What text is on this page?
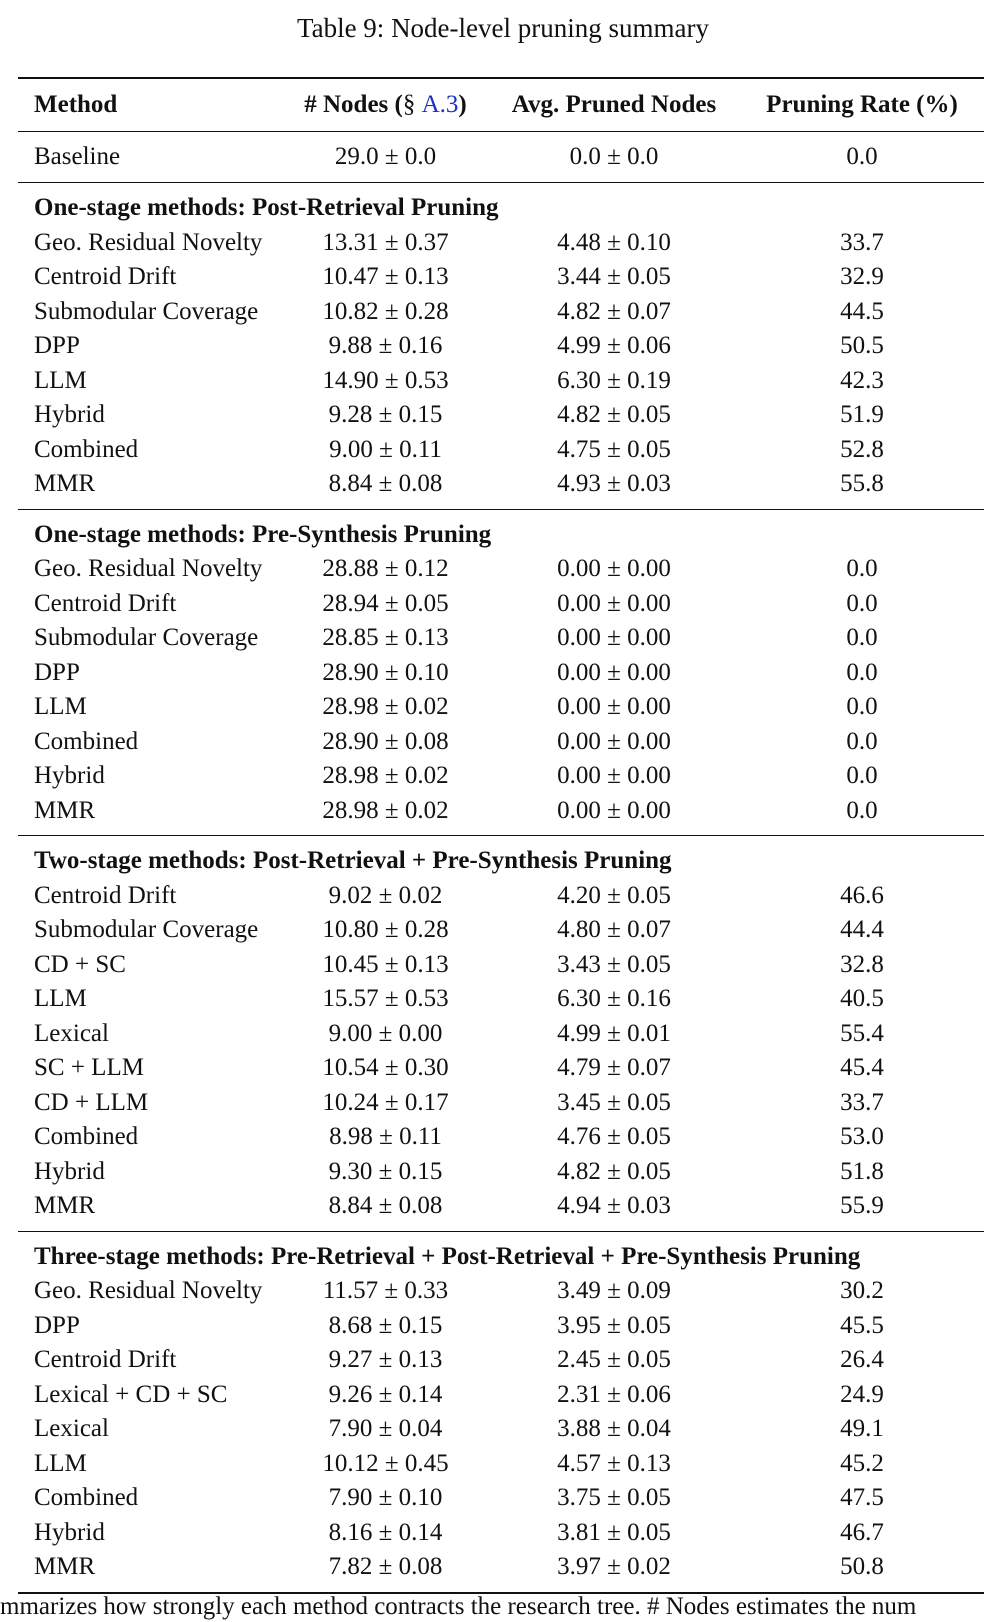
Table 9: Node-level pruning summary
Method	# Nodes (§ A.3)	Avg. Pruned Nodes	Pruning Rate (%)
Baseline	29.0 ± 0.0	0.0 ± 0.0	0.0
One-stage methods: Post-Retrieval Pruning
Geo. Residual Novelty	13.31 ± 0.37	4.48 ± 0.10	33.7
Centroid Drift	10.47 ± 0.13	3.44 ± 0.05	32.9
Submodular Coverage	10.82 ± 0.28	4.82 ± 0.07	44.5
DPP	9.88 ± 0.16	4.99 ± 0.06	50.5
LLM	14.90 ± 0.53	6.30 ± 0.19	42.3
Hybrid	9.28 ± 0.15	4.82 ± 0.05	51.9
Combined	9.00 ± 0.11	4.75 ± 0.05	52.8
MMR	8.84 ± 0.08	4.93 ± 0.03	55.8
One-stage methods: Pre-Synthesis Pruning
Geo. Residual Novelty	28.88 ± 0.12	0.00 ± 0.00	0.0
Centroid Drift	28.94 ± 0.05	0.00 ± 0.00	0.0
Submodular Coverage	28.85 ± 0.13	0.00 ± 0.00	0.0
DPP	28.90 ± 0.10	0.00 ± 0.00	0.0
LLM	28.98 ± 0.02	0.00 ± 0.00	0.0
Combined	28.90 ± 0.08	0.00 ± 0.00	0.0
Hybrid	28.98 ± 0.02	0.00 ± 0.00	0.0
MMR	28.98 ± 0.02	0.00 ± 0.00	0.0
Two-stage methods: Post-Retrieval + Pre-Synthesis Pruning
Centroid Drift	9.02 ± 0.02	4.20 ± 0.05	46.6
Submodular Coverage	10.80 ± 0.28	4.80 ± 0.07	44.4
CD + SC	10.45 ± 0.13	3.43 ± 0.05	32.8
LLM	15.57 ± 0.53	6.30 ± 0.16	40.5
Lexical	9.00 ± 0.00	4.99 ± 0.01	55.4
SC + LLM	10.54 ± 0.30	4.79 ± 0.07	45.4
CD + LLM	10.24 ± 0.17	3.45 ± 0.05	33.7
Combined	8.98 ± 0.11	4.76 ± 0.05	53.0
Hybrid	9.30 ± 0.15	4.82 ± 0.05	51.8
MMR	8.84 ± 0.08	4.94 ± 0.03	55.9
Three-stage methods: Pre-Retrieval + Post-Retrieval + Pre-Synthesis Pruning
Geo. Residual Novelty	11.57 ± 0.33	3.49 ± 0.09	30.2
DPP	8.68 ± 0.15	3.95 ± 0.05	45.5
Centroid Drift	9.27 ± 0.13	2.45 ± 0.05	26.4
Lexical + CD + SC	9.26 ± 0.14	2.31 ± 0.06	24.9
Lexical	7.90 ± 0.04	3.88 ± 0.04	49.1
LLM	10.12 ± 0.45	4.57 ± 0.13	45.2
Combined	7.90 ± 0.10	3.75 ± 0.05	47.5
Hybrid	8.16 ± 0.14	3.81 ± 0.05	46.7
MMR	7.82 ± 0.08	3.97 ± 0.02	50.8
mmarizes how strongly each method contracts the research tree. # Nodes estimates the num
